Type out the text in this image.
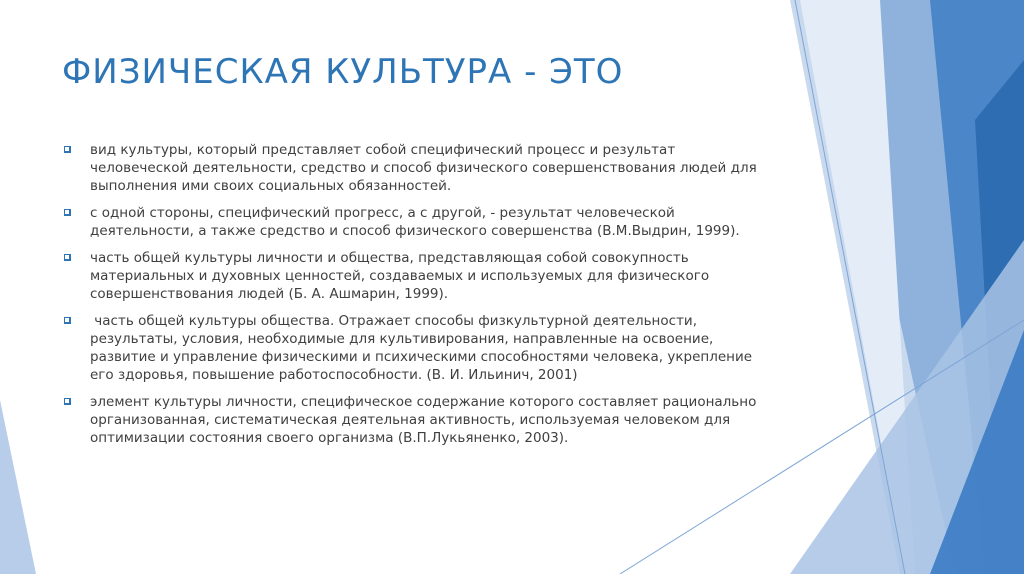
ФИЗИЧЕСКАЯ КУЛЬТУРА - ЭТО
вид культуры, который представляет собой специфический процесс и результат человеческой деятельности, средство и способ физического совершенствования людей для выполнения ими своих социальных обязанностей.
с одной стороны, специфический прогресс, а с другой, - результат человеческой деятельности, а также средство и способ физического совершенства (В.М.Выдрин, 1999).
часть общей культуры личности и общества, представляющая собой совокупность материальных и духовных ценностей, создаваемых и используемых для физического совершенствования людей (Б. А. Ашмарин, 1999).
часть общей культуры общества. Отражает способы физкультурной деятельности, результаты, условия, необходимые для культивирования, направленные на освоение, развитие и управление физическими и психическими способностями человека, укрепление его здоровья, повышение работоспособности. (В. И. Ильинич, 2001)
элемент культуры личности, специфическое содержание которого составляет рационально организованная, систематическая деятельная активность, используемая человеком для оптимизации состояния своего организма (В.П.Лукьяненко, 2003).
